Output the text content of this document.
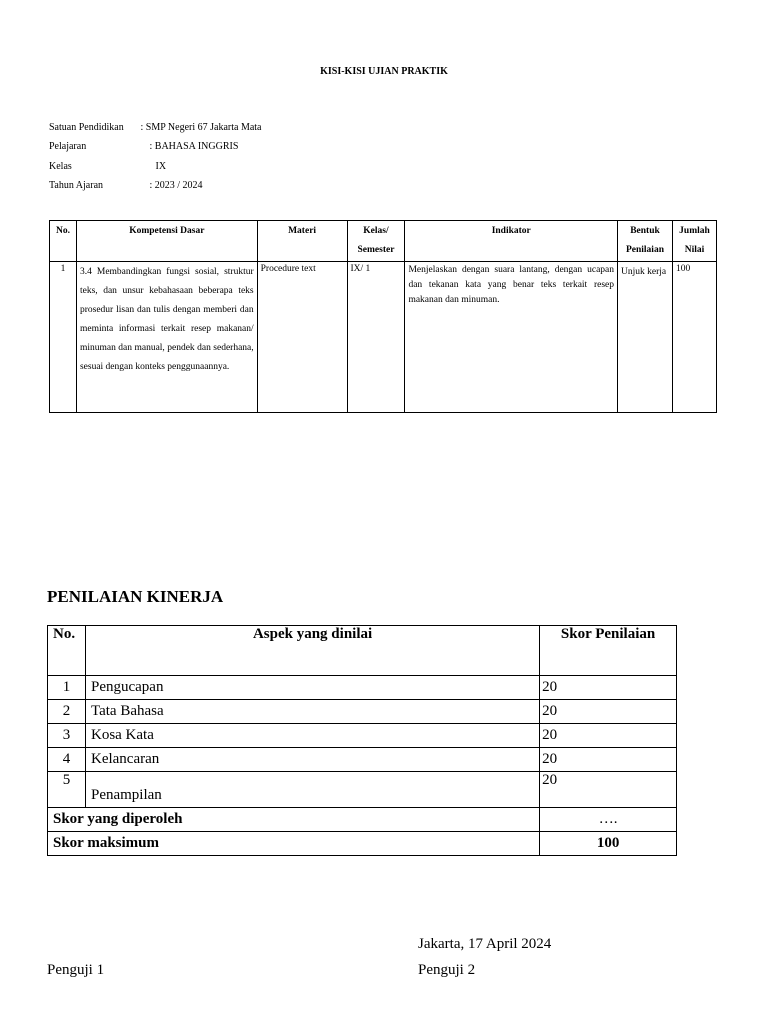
KISI-KISI UJIAN PRAKTIK
Satuan Pendidikan : SMP Negeri 67 Jakarta Mata
Pelajaran	: BAHASA INGGRIS
Kelas	IX
Tahun Ajaran	: 2023 / 2024
No.	Kompetensi Dasar	Materi	Kelas/ Semester	Indikator	Bentuk Penilaian	Jumlah Nilai
1	3.4 Membandingkan fungsi sosial, struktur teks, dan unsur kebahasaan beberapa teks prosedur lisan dan tulis dengan memberi dan meminta informasi terkait resep makanan/ minuman dan manual, pendek dan sederhana, sesuai dengan konteks penggunaannya.	Procedure text	IX/ 1	Menjelaskan dengan suara lantang, dengan ucapan dan tekanan kata yang benar teks terkait resep makanan dan minuman.	Unjuk kerja	100
PENILAIAN KINERJA
No.	Aspek yang dinilai	Skor Penilaian
1	Pengucapan	20
2	Tata Bahasa	20
3	Kosa Kata	20
4	Kelancaran	20
5	Penampilan	20
Skor yang diperoleh		….
Skor maksimum		100
Jakarta, 17 April 2024
Penguji 1	Penguji 2
